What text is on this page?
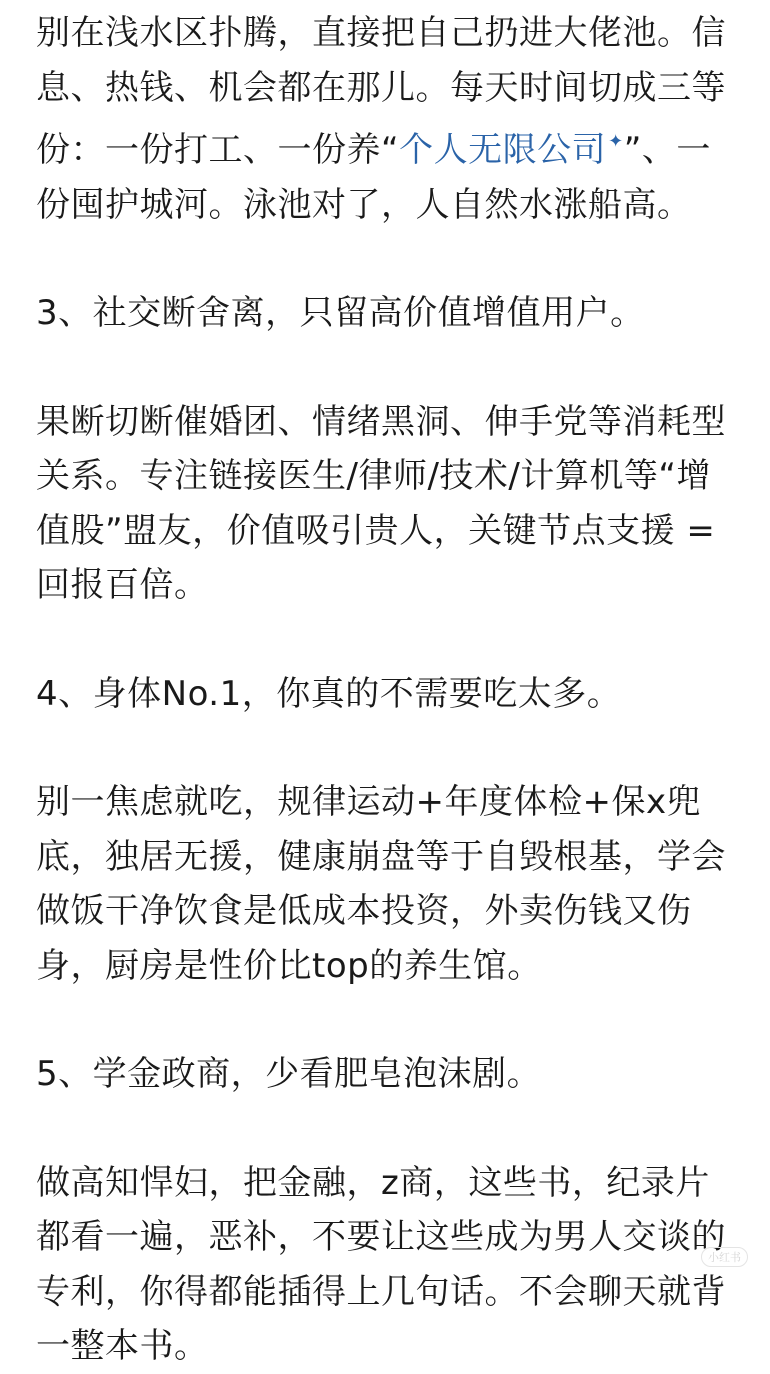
别在浅水区扑腾，直接把自己扔进大佬池。信息、热钱、机会都在那儿。每天时间切成三等份：一份打工、一份养“个人无限公司 ✦”、一份囤护城河。泳池对了，人自然水涨船高。

3、社交断舍离，只留高价值增值用户。

果断切断催婚团、情绪黑洞、伸手党等消耗型关系。专注链接医生/律师/技术/计算机等“增值股”盟友，价值吸引贵人，关键节点支援 = 回报百倍。

4、身体No.1，你真的不需要吃太多。

别一焦虑就吃，规律运动+年度体检+保x兜底，独居无援，健康崩盘等于自毁根基，学会做饭干净饮食是低成本投资，外卖伤钱又伤身，厨房是性价比top的养生馆。

5、学金政商，少看肥皂泡沫剧。

做高知悍妇，把金融，z商，这些书，纪录片都看一遍，恶补，不要让这些成为男人交谈的专利，你得都能插得上几句话。不会聊天就背一整本书。

小红书
